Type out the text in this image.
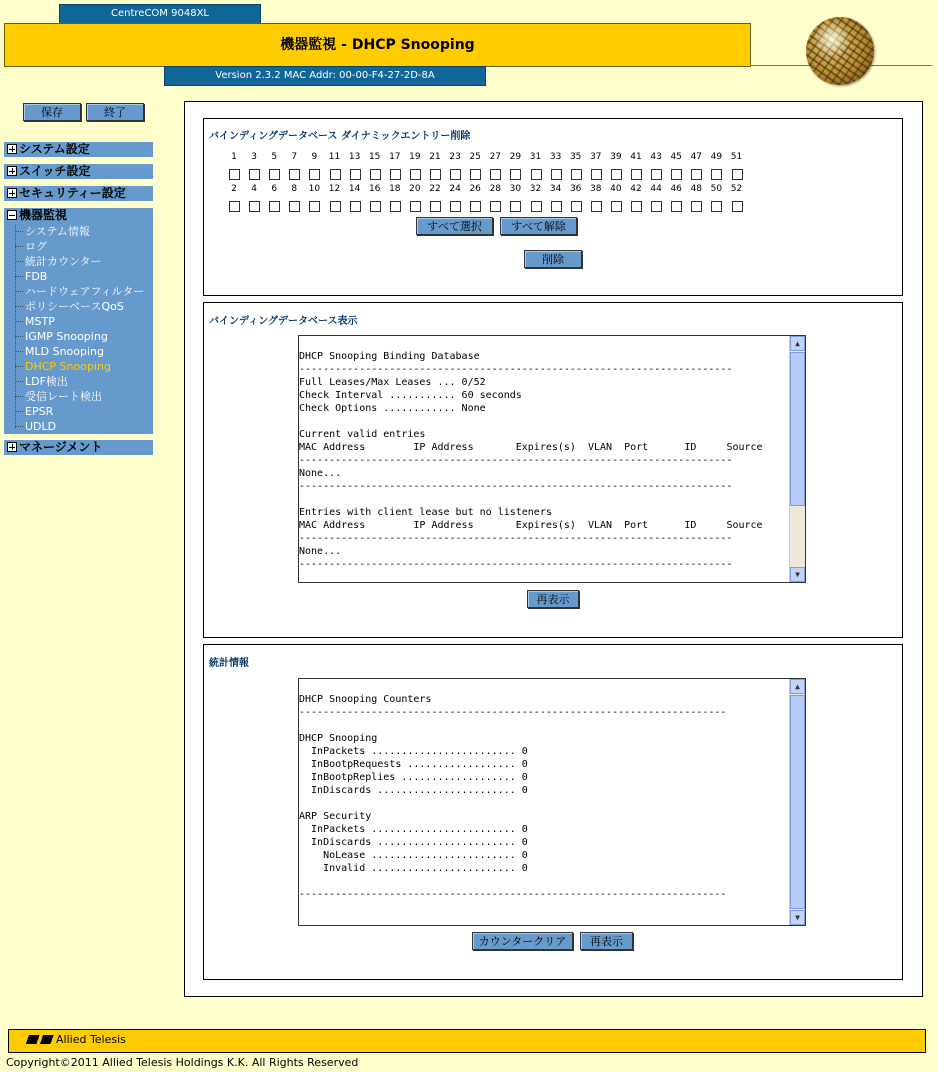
CentreCOM 9048XL
機器監視 - DHCP Snooping
Version 2.3.2 MAC Addr: 00-00-F4-27-2D-8A
保存	終了
システム設定
スイッチ設定
セキュリティー設定
機器監視
システム情報
ログ
統計カウンター
FDB
ハードウェアフィルター
ポリシーベースQoS
MSTP
IGMP Snooping
MLD Snooping
DHCP Snooping
LDF検出
受信レート検出
EPSR
UDLD
マネージメント
バインディングデータベース ダイナミックエントリー削除
1	3	5	7	9	11 13 15 17 19 21 23 25 27 29 31 33 35 37 39 41 43 45 47 49 51
2	4	6	8	10 12 14 16 18 20 22 24 26 28 30 32 34 36 38 40 42 44 46 48 50 52
すべて選択	すべて解除
削除
バインディングデータベース表示
DHCP Snooping Binding Database
------------------------------------------------------------------------
Full Leases/Max Leases ... 0/52
Check Interval ........... 60 seconds
Check Options ............ None

Current valid entries
MAC Address        IP Address       Expires(s)  VLAN  Port      ID     Source
------------------------------------------------------------------------
None...
------------------------------------------------------------------------

Entries with client lease but no listeners
MAC Address        IP Address       Expires(s)  VLAN  Port      ID     Source
------------------------------------------------------------------------
None...
------------------------------------------------------------------------
▲
▼
再表示
統計情報
DHCP Snooping Counters
-----------------------------------------------------------------------

DHCP Snooping
InPackets ........................ 0
InBootpRequests .................. 0
InBootpReplies ................... 0
InDiscards ....................... 0

ARP Security
InPackets ........................ 0
InDiscards ....................... 0
NoLease ........................ 0
Invalid ........................ 0

-----------------------------------------------------------------------
▲
▼
カウンタークリア	再表示
Allied Telesis
Copyright©2011 Allied Telesis Holdings K.K. All Rights Reserved
